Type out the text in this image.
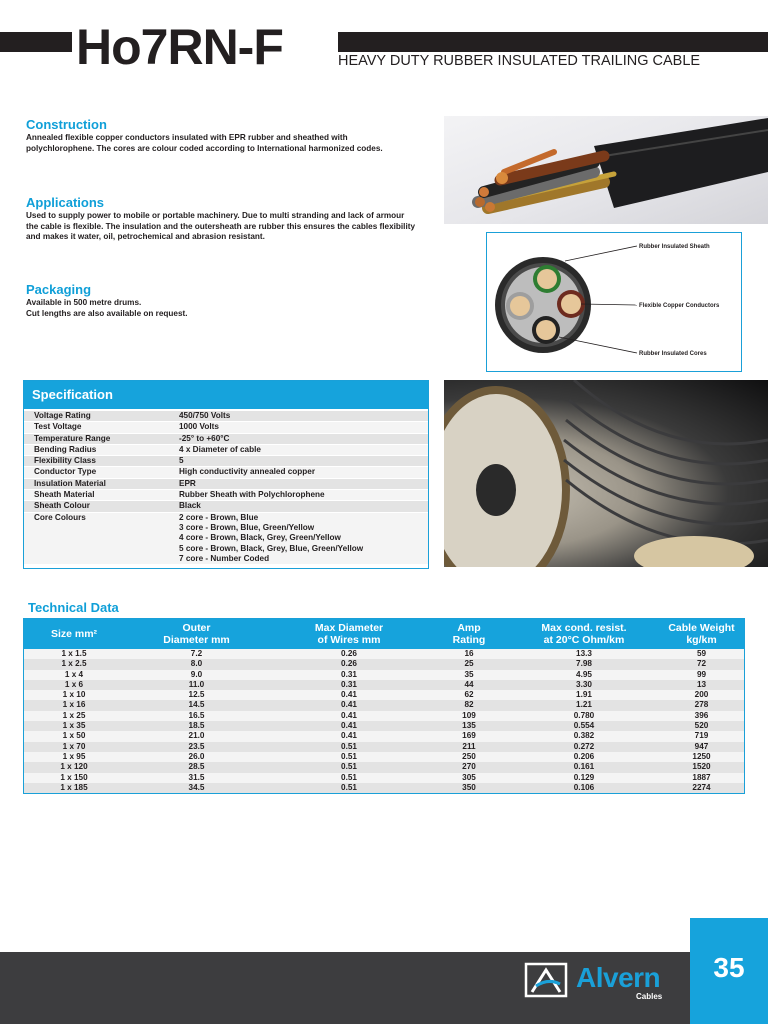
Ho7RN-F	HEAVY DUTY RUBBER INSULATED TRAILING CABLE
Construction
Annealed flexible copper conductors insulated with EPR rubber and sheathed with polychlorophene. The cores are colour coded according to International harmonized codes.
Applications
Used to supply power to mobile or portable machinery. Due to multi stranding and lack of armour the cable is flexible. The insulation and the outersheath are rubber this ensures the cables flexibility and makes it water, oil, petrochemical and abrasion resistant.
Packaging
Available in 500 metre drums.
Cut lengths are also available on request.
Rubber Insulated Sheath
Flexible Copper Conductors
Rubber Insulated Cores
Specification
Voltage Rating	450/750 Volts
Test Voltage	1000 Volts
Temperature Range	-25° to +60°C
Bending Radius	4 x Diameter of cable
Flexibility Class	5
Conductor Type	High conductivity annealed copper
Insulation Material	EPR
Sheath Material	Rubber Sheath with Polychlorophene
Sheath Colour	Black
Core Colours	2 core - Brown, Blue
3 core - Brown, Blue, Green/Yellow
4 core - Brown, Black, Grey, Green/Yellow
5 core - Brown, Black, Grey, Blue, Green/Yellow
7 core - Number Coded
Technical Data
Size mm²	Outer
Diameter mm
Max Diameter
of Wires mm
Amp
Rating
Max cond. resist.
at 20°C Ohm/km
Cable Weight
kg/km
1 x 1.5	7.2	0.26	16	13.3	59
1 x 2.5	8.0	0.26	25	7.98	72
1 x 4	9.0	0.31	35	4.95	99
1 x 6	11.0	0.31	44	3.30	13
1 x 10	12.5	0.41	62	1.91	200
1 x 16	14.5	0.41	82	1.21	278
1 x 25	16.5	0.41	109	0.780	396
1 x 35	18.5	0.41	135	0.554	520
1 x 50	21.0	0.41	169	0.382	719
1 x 70	23.5	0.51	211	0.272	947
1 x 95	26.0	0.51	250	0.206	1250
1 x 120	28.5	0.51	270	0.161	1520
1 x 150	31.5	0.51	305	0.129	1887
1 x 185	34.5	0.51	350	0.106	2274
35
Alvern
Cables
